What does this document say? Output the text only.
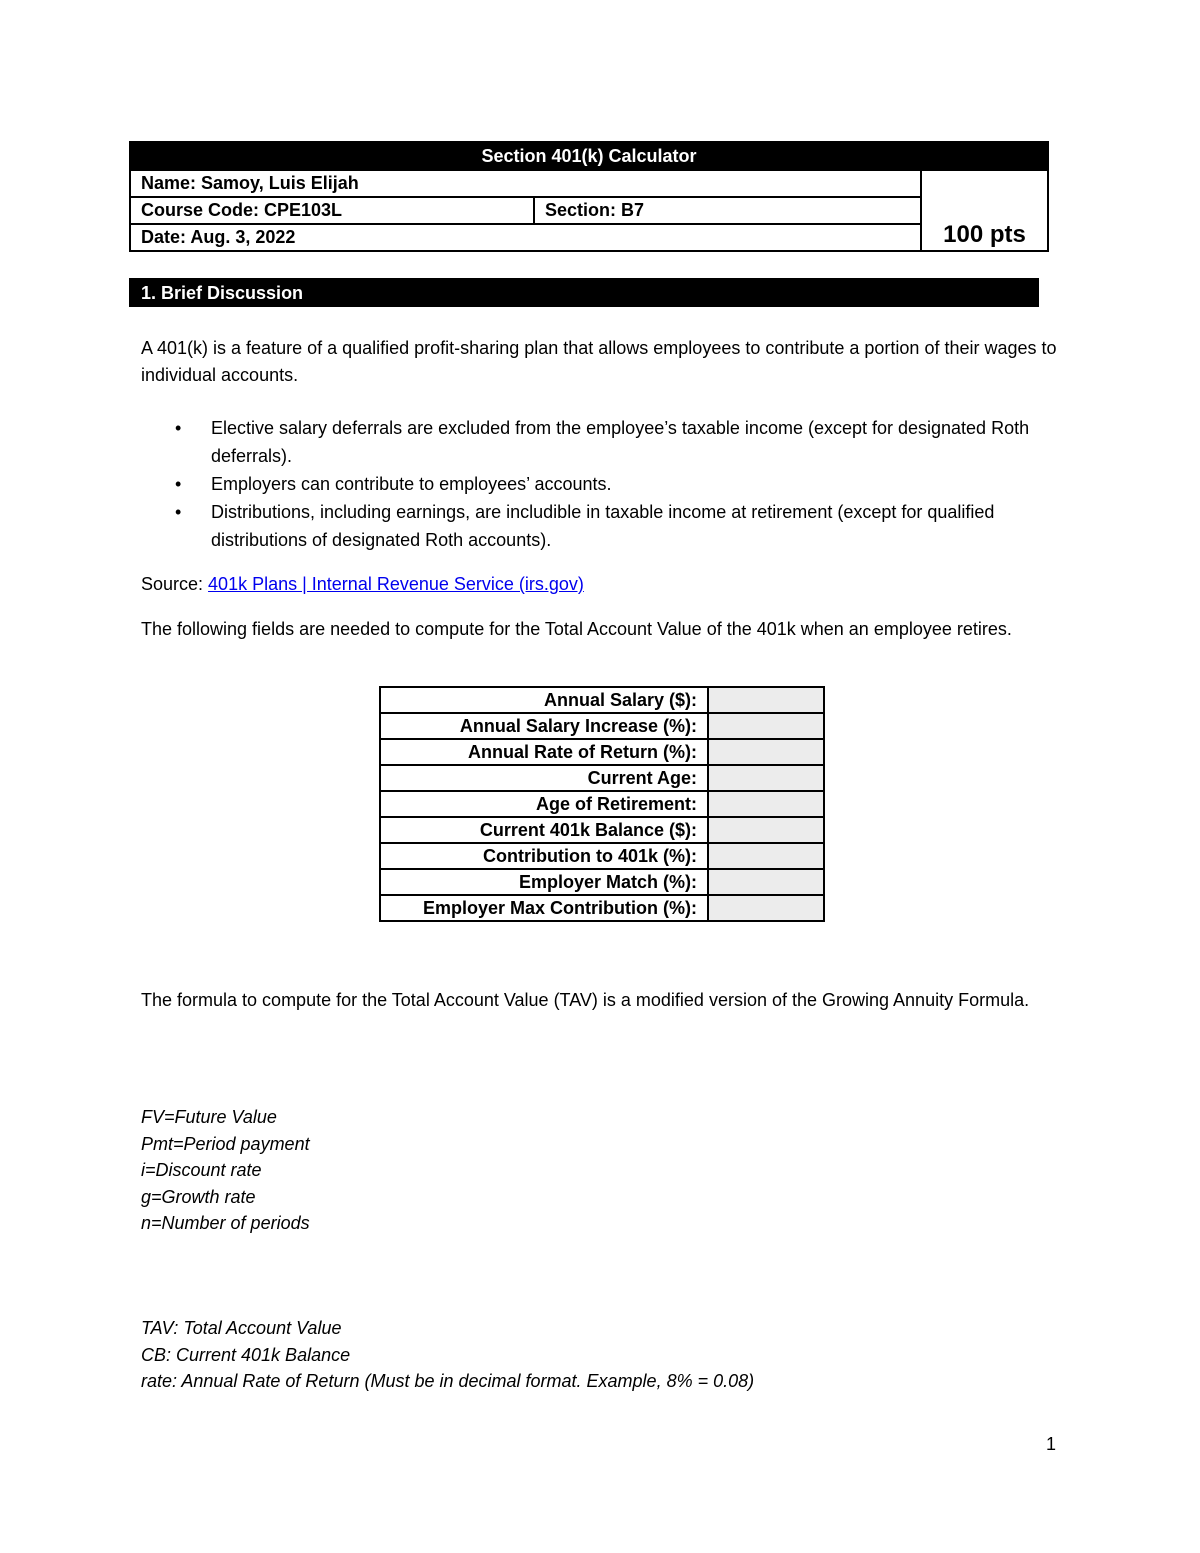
Section 401(k) Calculator		
Name: Samoy, Luis Elijah		100 pts
Course Code: CPE103L	Section: B7	
Date: Aug. 3, 2022		
1. Brief Discussion

A 401(k) is a feature of a qualified profit-sharing plan that allows employees to contribute a portion of their wages to individual accounts.

• Elective salary deferrals are excluded from the employee’s taxable income (except for designated Roth deferrals).
• Employers can contribute to employees’ accounts.
• Distributions, including earnings, are includible in taxable income at retirement (except for qualified distributions of designated Roth accounts).

Source: 401k Plans | Internal Revenue Service (irs.gov)

The following fields are needed to compute for the Total Account Value of the 401k when an employee retires.

Annual Salary ($):	
Annual Salary Increase (%):	
Annual Rate of Return (%):	
Current Age:	
Age of Retirement:	
Current 401k Balance ($):	
Contribution to 401k (%):	
Employer Match (%):	
Employer Max Contribution (%):	

The formula to compute for the Total Account Value (TAV) is a modified version of the Growing Annuity Formula.

FV=Future Value
Pmt=Period payment
i=Discount rate
g=Growth rate
n=Number of periods
TAV: Total Account Value
CB: Current 401k Balance
rate: Annual Rate of Return (Must be in decimal format. Example, 8% = 0.08)
1
